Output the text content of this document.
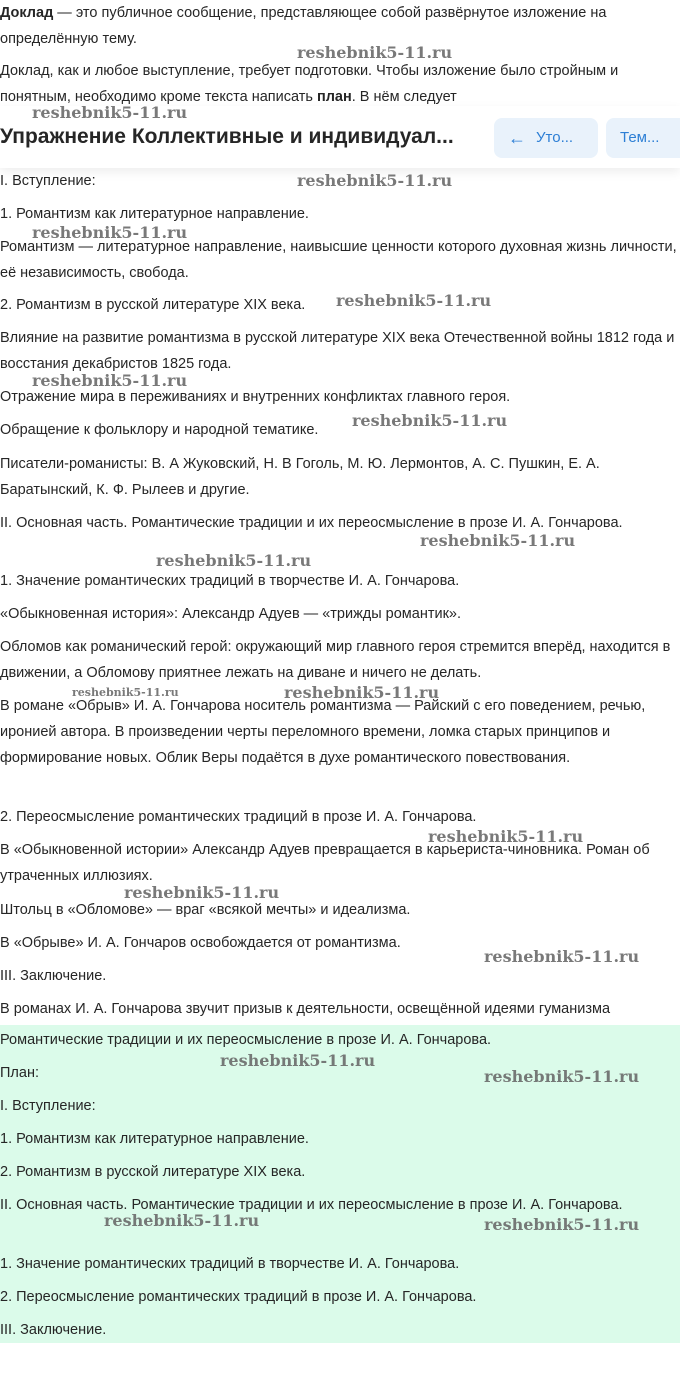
Доклад — это публичное сообщение, представляющее собой развёрнутое изложение на определённую тему.

Доклад, как и любое выступление, требует подготовки. Чтобы изложение было стройным и понятным, необходимо кроме текста написать план. В нём следует

Упражнение Коллективные и индивидуал...	← Уто...	Тем...

I. Вступление:

1. Романтизм как литературное направление.

Романтизм — литературное направление, наивысшие ценности которого духовная жизнь личности, её независимость, свобода.

2. Романтизм в русской литературе XIX века.

Влияние на развитие романтизма в русской литературе XIX века Отечественной войны 1812 года и восстания декабристов 1825 года.

Отражение мира в переживаниях и внутренних конфликтах главного героя.

Обращение к фольклору и народной тематике.

Писатели-романисты: В. А Жуковский, Н. В Гоголь, М. Ю. Лермонтов, А. С. Пушкин, Е. А. Баратынский, К. Ф. Рылеев и другие.

II. Основная часть. Романтические традиции и их переосмысление в прозе И. А. Гончарова.

1. Значение романтических традиций в творчестве И. А. Гончарова.

«Обыкновенная история»: Александр Адуев — «трижды романтик».

Обломов как романический герой: окружающий мир главного героя стремится вперёд, находится в движении, а Обломову приятнее лежать на диване и ничего не делать.

В романе «Обрыв» И. А. Гончарова носитель романтизма — Райский с его поведением, речью, иронией автора. В произведении черты переломного времени, ломка старых принципов и формирование новых. Облик Веры подаётся в духе романтического повествования.

2. Переосмысление романтических традиций в прозе И. А. Гончарова.

В «Обыкновенной истории» Александр Адуев превращается в карьериста-чиновника. Роман об утраченных иллюзиях.

Штольц в «Обломове» — враг «всякой мечты» и идеализма.

В «Обрыве» И. А. Гончаров освобождается от романтизма.

III. Заключение.

В романах И. А. Гончарова звучит призыв к деятельности, освещённой идеями гуманизма

Романтические традиции и их переосмысление в прозе И. А. Гончарова.

План:

I. Вступление:

1. Романтизм как литературное направление.

2. Романтизм в русской литературе XIX века.

II. Основная часть. Романтические традиции и их переосмысление в прозе И. А. Гончарова.

1. Значение романтических традиций в творчестве И. А. Гончарова.

2. Переосмысление романтических традиций в прозе И. А. Гончарова.

III. Заключение.

reshebnik5-11.ru
reshebnik5-11.ru
reshebnik5-11.ru
reshebnik5-11.ru
reshebnik5-11.ru
reshebnik5-11.ru
reshebnik5-11.ru
reshebnik5-11.ru
reshebnik5-11.ru
reshebnik5-11.ru	reshebnik5-11.ru
reshebnik5-11.ru
reshebnik5-11.ru
reshebnik5-11.ru
reshebnik5-11.ru
reshebnik5-11.ru
reshebnik5-11.ru	reshebnik5-11.ru
